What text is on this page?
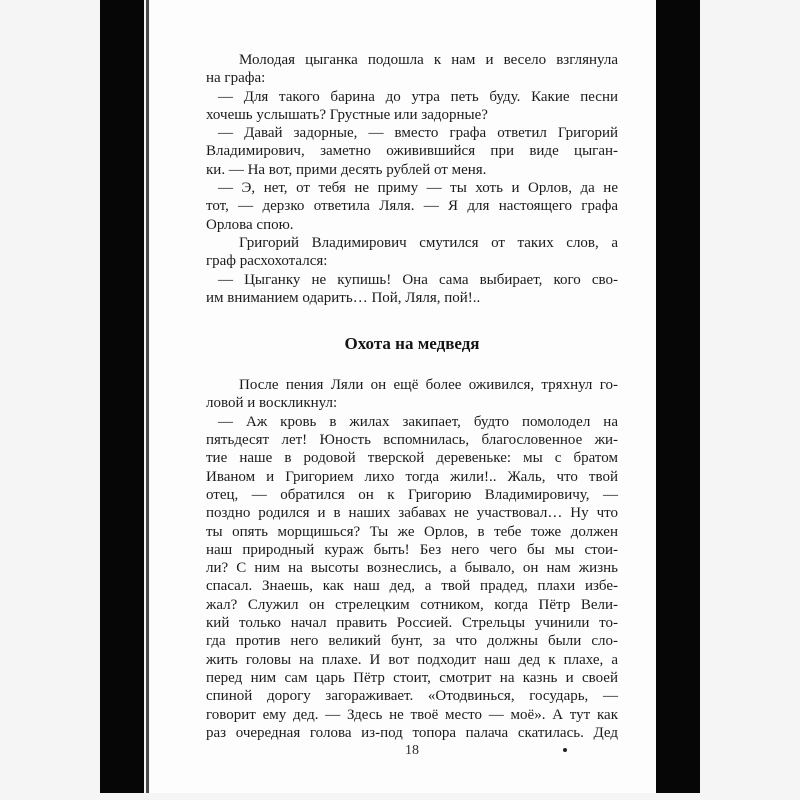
Молодая цыганка подошла к нам и весело взглянула
на графа:
— Для такого барина до утра петь буду. Какие песни
хочешь услышать? Грустные или задорные?
— Давай задорные, — вместо графа ответил Григорий
Владимирович, заметно оживившийся при виде цыган-
ки. — На вот, прими десять рублей от меня.
— Э, нет, от тебя не приму — ты хоть и Орлов, да не
тот, — дерзко ответила Ляля. — Я для настоящего графа
Орлова спою.
Григорий Владимирович смутился от таких слов, а
граф расхохотался:
— Цыганку не купишь! Она сама выбирает, кого сво-
им вниманием одарить… Пой, Ляля, пой!..
Охота на медведя
После пения Ляли он ещё более оживился, тряхнул го-
ловой и воскликнул:
— Аж кровь в жилах закипает, будто помолодел на
пятьдесят лет! Юность вспомнилась, благословенное жи-
тие наше в родовой тверской деревеньке: мы с братом
Иваном и Григорием лихо тогда жили!.. Жаль, что твой
отец, — обратился он к Григорию Владимировичу, —
поздно родился и в наших забавах не участвовал… Ну что
ты опять морщишься? Ты же Орлов, в тебе тоже должен
наш природный кураж быть! Без него чего бы мы стои-
ли? С ним на высоты вознеслись, а бывало, он нам жизнь
спасал. Знаешь, как наш дед, а твой прадед, плахи избе-
жал? Служил он стрелецким сотником, когда Пётр Вели-
кий только начал править Россией. Стрельцы учинили то-
гда против него великий бунт, за что должны были сло-
жить головы на плахе. И вот подходит наш дед к плахе, а
перед ним сам царь Пётр стоит, смотрит на казнь и своей
спиной дорогу загораживает. «Отодвинься, государь, —
говорит ему дед. — Здесь не твоё место — моё». А тут как
раз очередная голова из-под топора палача скатилась. Дед
18
